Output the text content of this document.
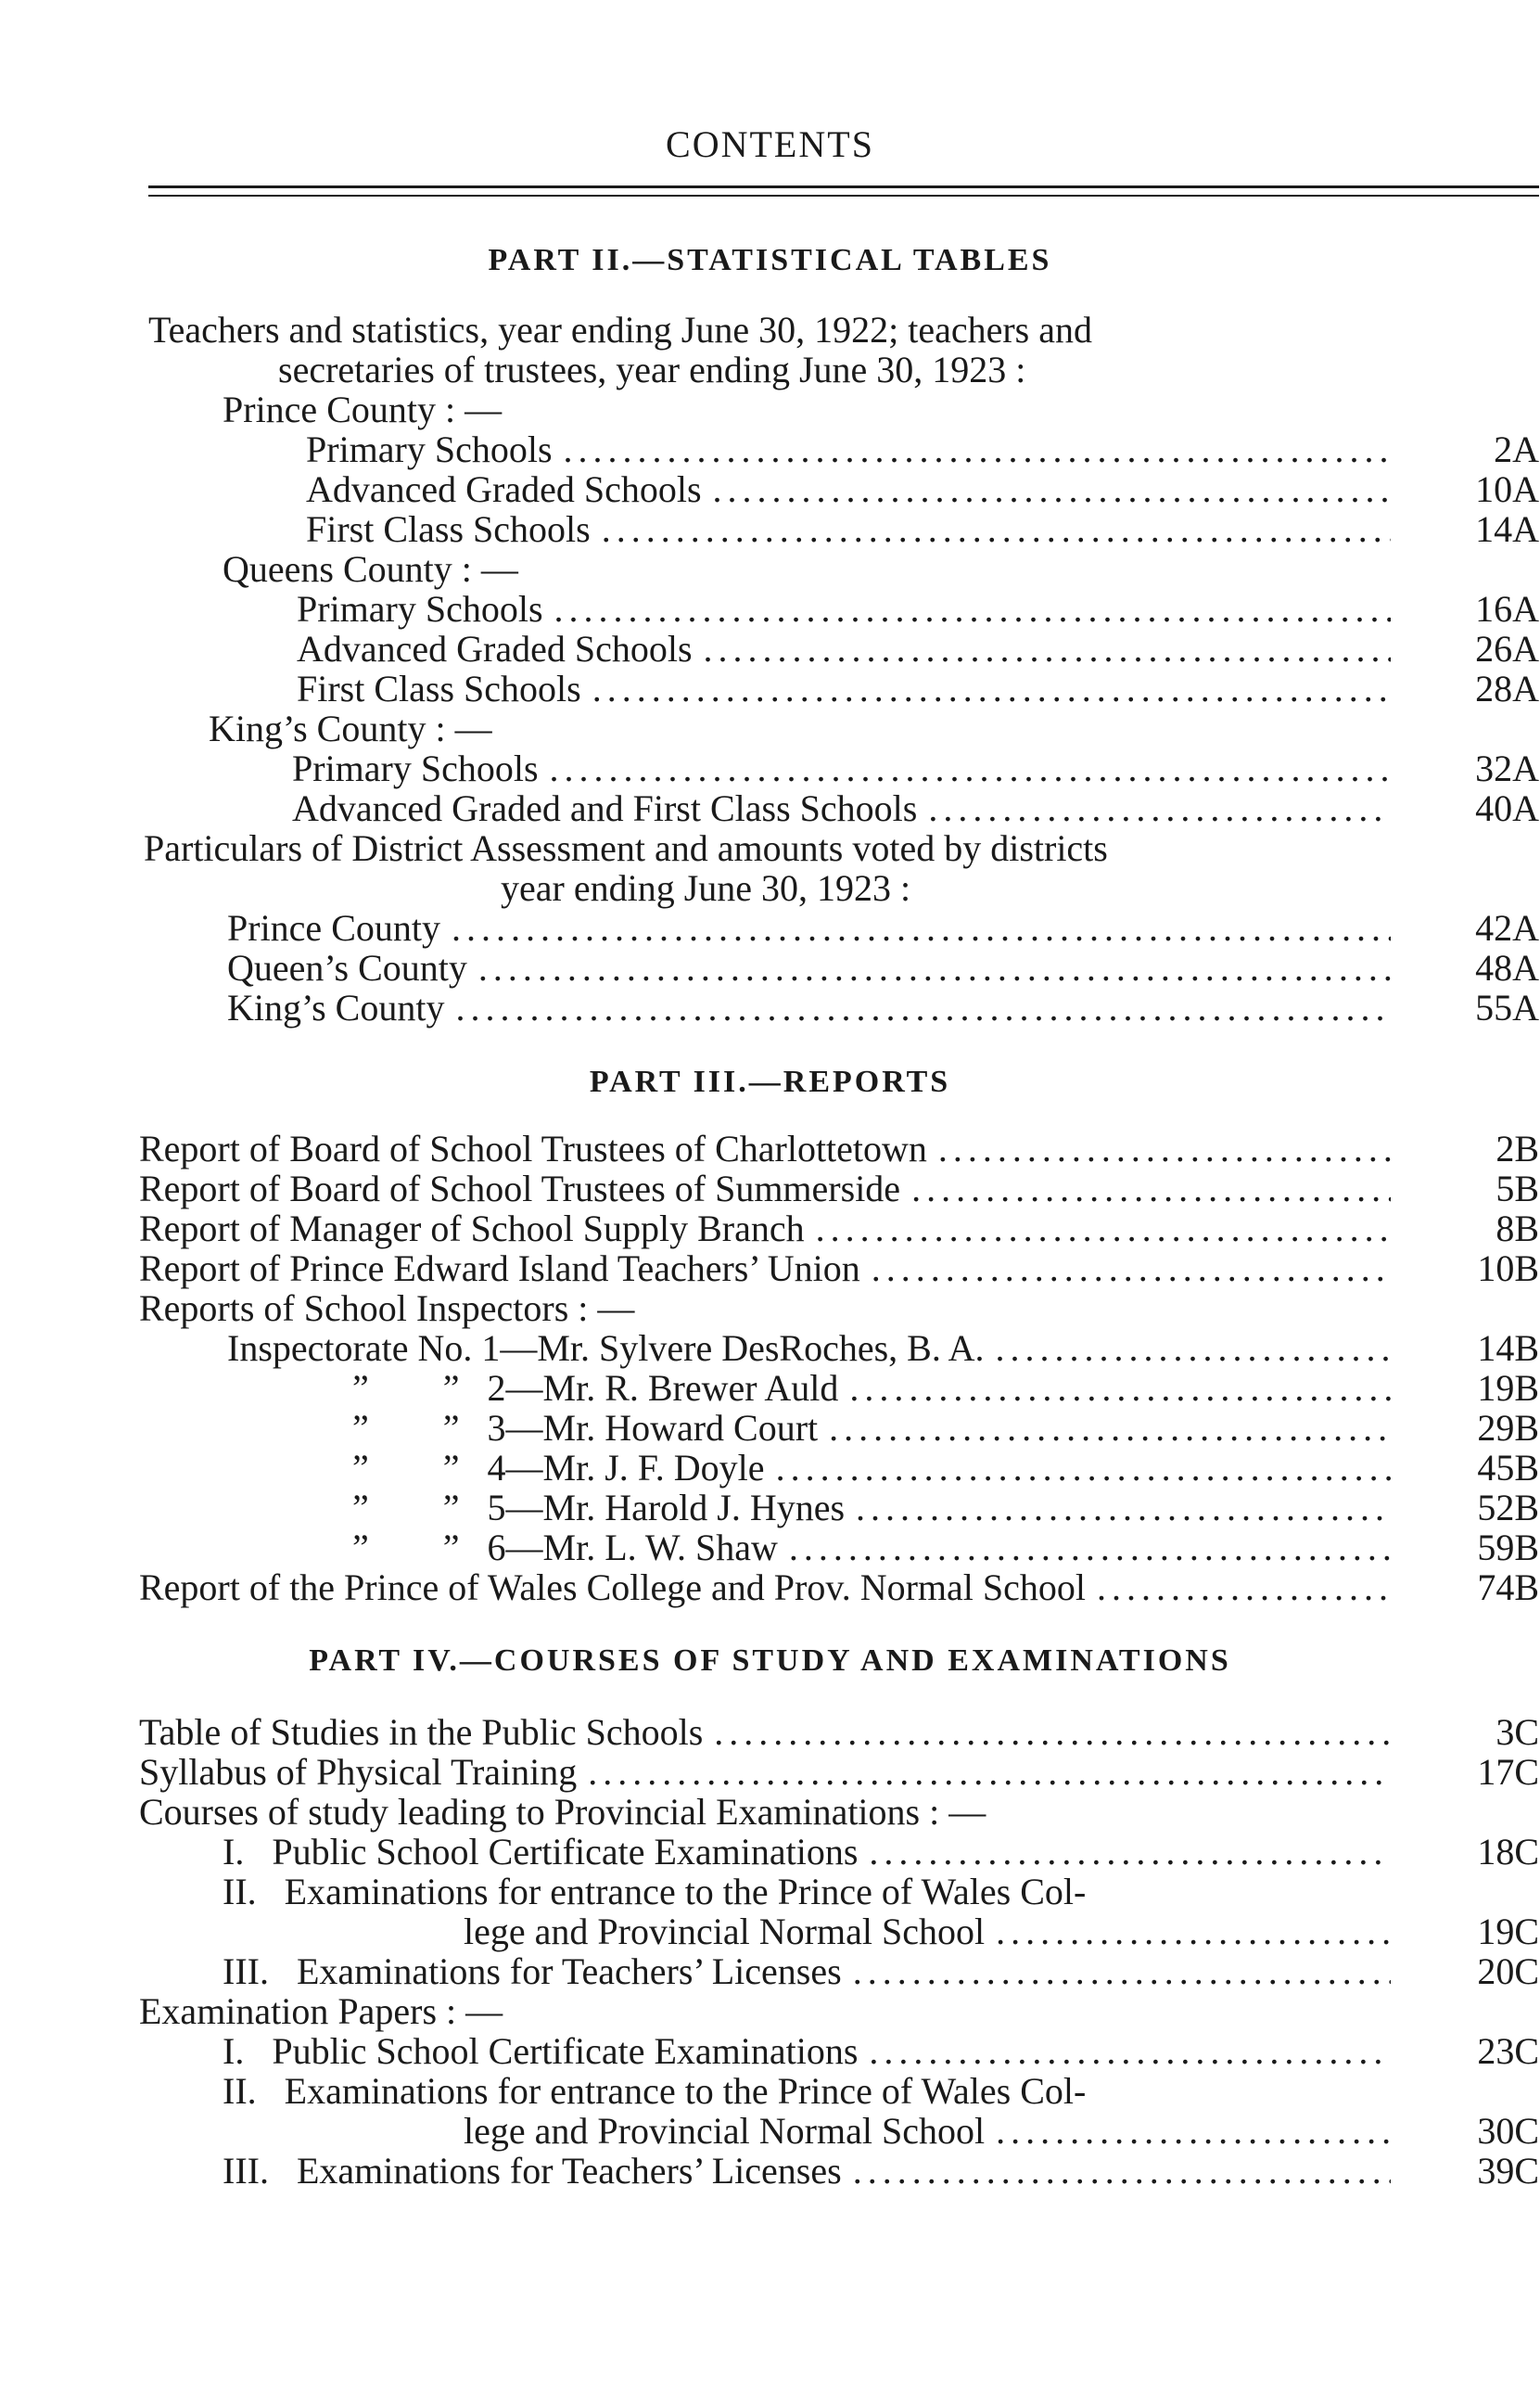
CONTENTS
PART II.—STATISTICAL TABLES
Teachers and statistics, year ending June 30, 1922; teachers and
secretaries of trustees, year ending June 30, 1923 :
Prince County : —
Primary Schools .....	2A
Advanced Graded Schools .....	10A
First Class Schools .....	14A
Queens County : —
Primary Schools .....	16A
Advanced Graded Schools .....	26A
First Class Schools .....	28A
King’s County : —
Primary Schools .....	32A
Advanced Graded and First Class Schools .....	40A
Particulars of District Assessment and amounts voted by districts
year ending June 30, 1923 :
Prince County .....	42A
Queen’s County .....	48A
King’s County .....	55A
PART III.—REPORTS
Report of Board of School Trustees of Charlottetown .....	2B
Report of Board of School Trustees of Summerside .....	5B
Report of Manager of School Supply Branch .....	8B
Report of Prince Edward Island Teachers’ Union .....	10B
Reports of School Inspectors : —
Inspectorate No. 1—Mr. Sylvere DesRoches, B. A. .....	14B
”        ”   2—Mr. R. Brewer Auld .....	19B
”        ”   3—Mr. Howard Court .....	29B
”        ”   4—Mr. J. F. Doyle .....	45B
”        ”   5—Mr. Harold J. Hynes .....	52B
”        ”   6—Mr. L. W. Shaw .....	59B
Report of the Prince of Wales College and Prov. Normal School .....	74B
PART IV.—COURSES OF STUDY AND EXAMINATIONS
Table of Studies in the Public Schools .....	3C
Syllabus of Physical Training .....	17C
Courses of study leading to Provincial Examinations : —
I.   Public School Certificate Examinations .....	18C
II.   Examinations for entrance to the Prince of Wales Col-
lege and Provincial Normal School .....	19C
III.   Examinations for Teachers’ Licenses .....	20C
Examination Papers : —
I.   Public School Certificate Examinations .....	23C
II.   Examinations for entrance to the Prince of Wales Col-
lege and Provincial Normal School .....	30C
III.   Examinations for Teachers’ Licenses .....	39C
